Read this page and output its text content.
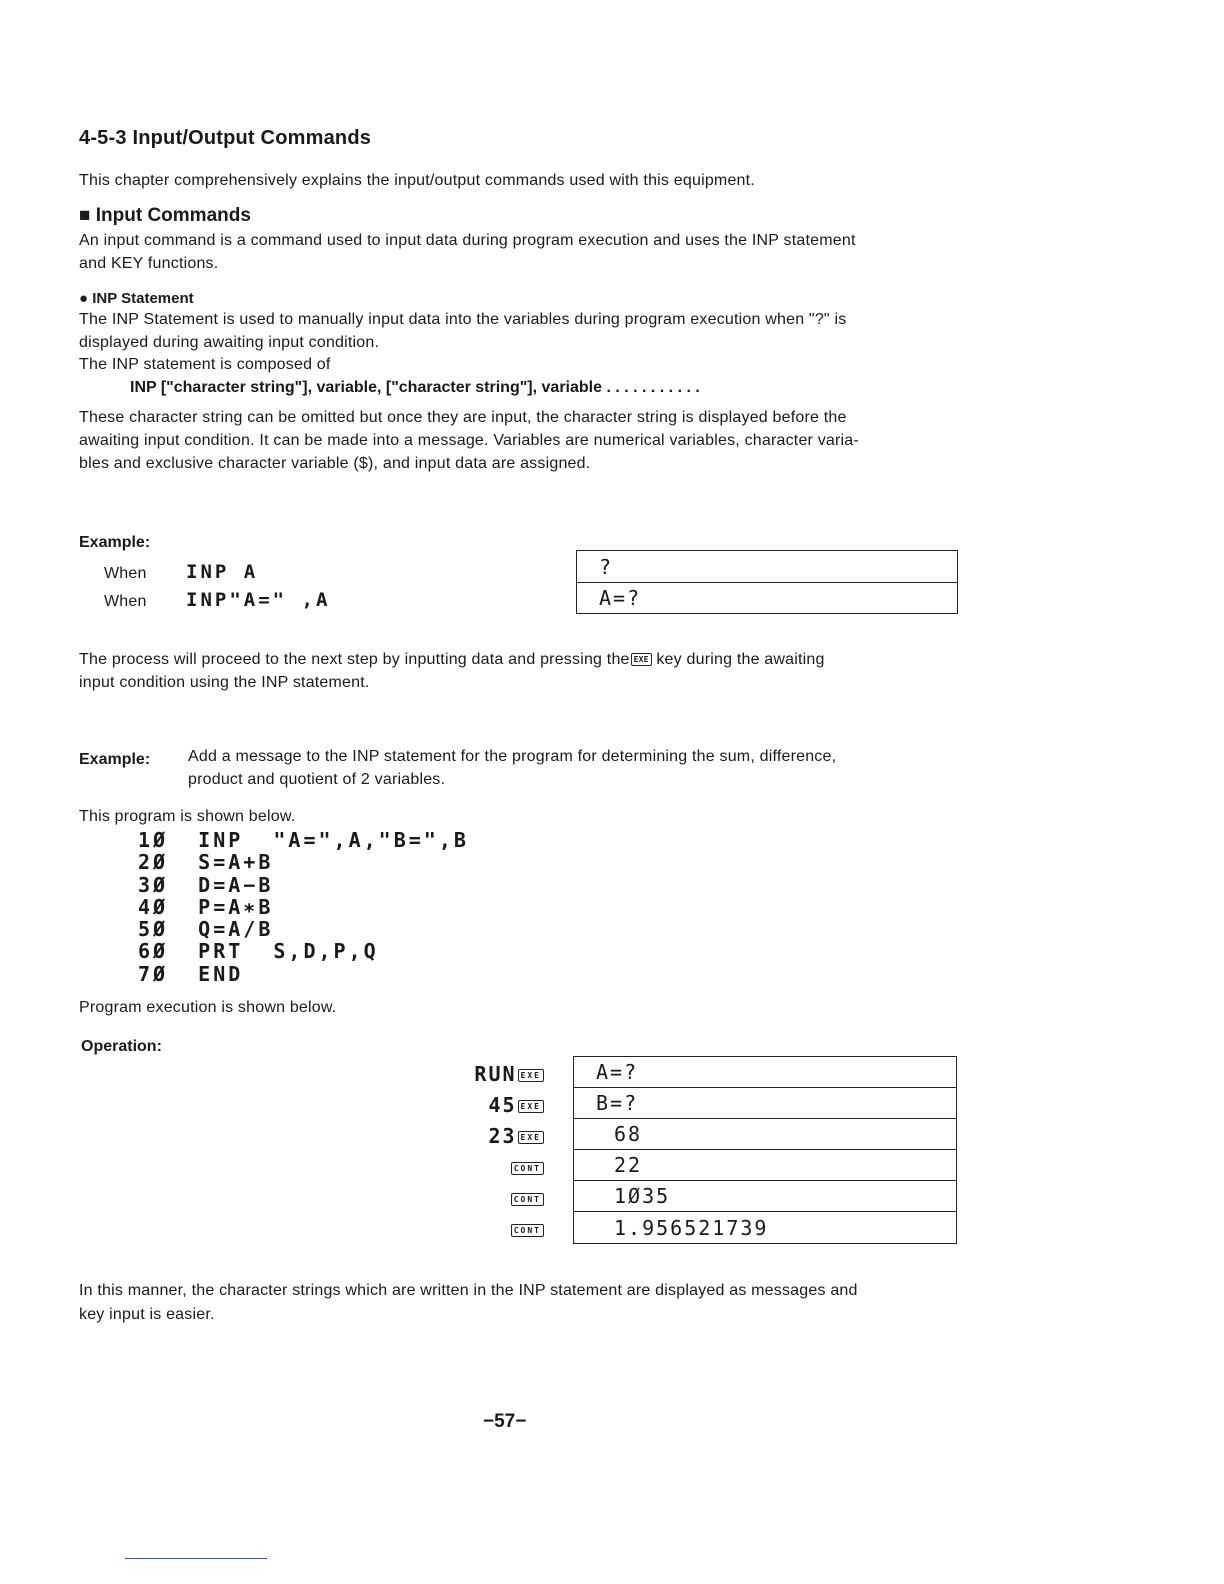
4-5-3 Input/Output Commands
This chapter comprehensively explains the input/output commands used with this equipment.
■ Input Commands
An input command is a command used to input data during program execution and uses the INP statement
and KEY functions.
● INP Statement
The INP Statement is used to manually input data into the variables during program execution when "?" is
displayed during awaiting input condition.
The INP statement is composed of
INP ["character string"], variable, ["character string"], variable . . . . . . . . . . .
These character string can be omitted but once they are input, the character string is displayed before the
awaiting input condition. It can be made into a message. Variables are numerical variables, character varia-
bles and exclusive character variable ($), and input data are assigned.
Example:
When INP A
When INP"A=" ,A
?
A=?
The process will proceed to the next step by inputting data and pressing the EXE key during the awaiting
input condition using the INP statement.
Example: Add a message to the INP statement for the program for determining the sum, difference,
product and quotient of 2 variables.
This program is shown below.
1Ø  INP  "A=",A,"B=",B
2Ø  S=A+B
3Ø  D=A−B
4Ø  P=A∗B
5Ø  Q=A/B
6Ø  PRT  S,D,P,Q
7Ø  END
Program execution is shown below.
Operation:
RUN EXE
45 EXE
23 EXE
CONT
CONT
CONT
A=?
B=?
68
22
1Ø35
1.956521739
In this manner, the character strings which are written in the INP statement are displayed as messages and
key input is easier.
−57−
